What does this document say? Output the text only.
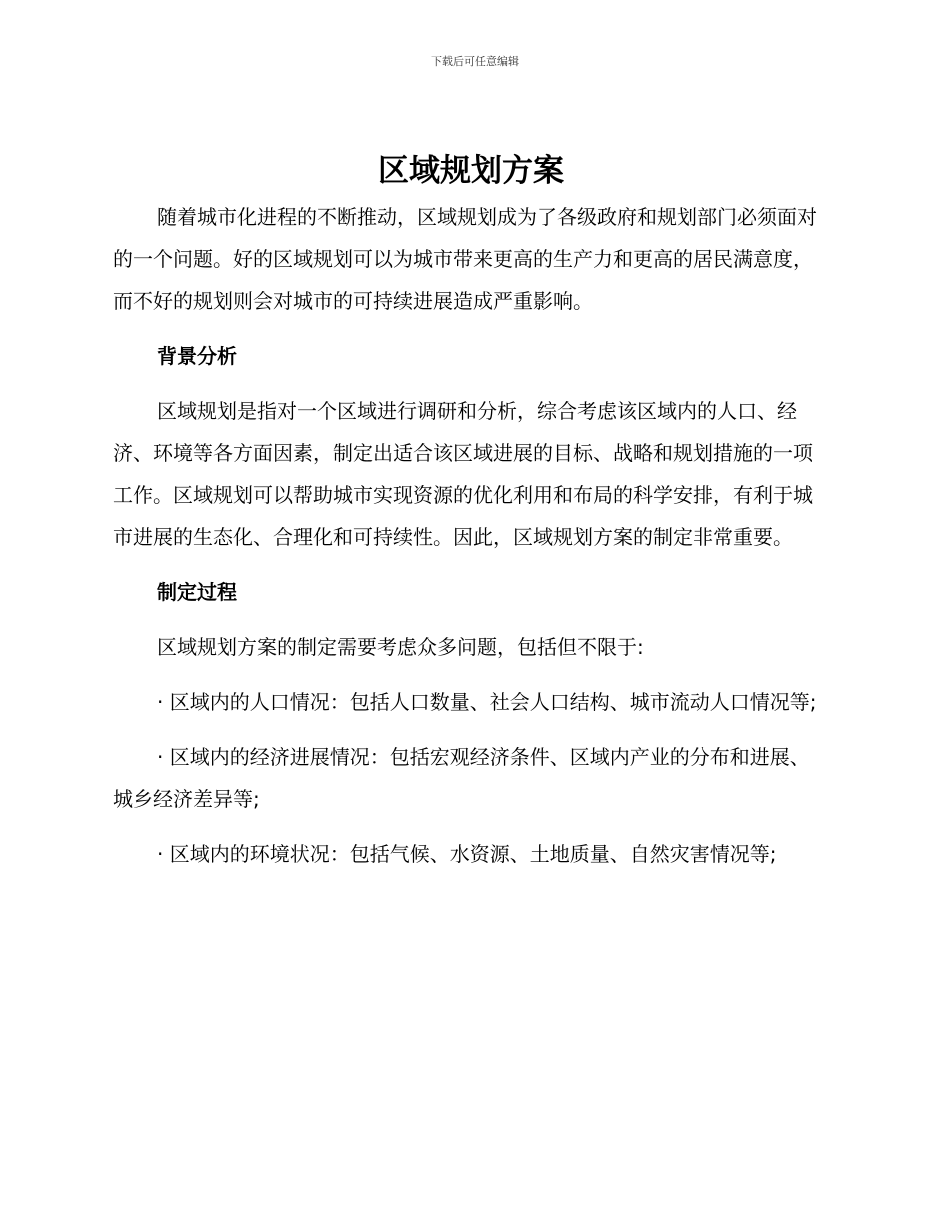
下载后可任意编辑
区域规划方案

随着城市化进程的不断推动，区域规划成为了各级政府和规划部门必须面对的一个问题。好的区域规划可以为城市带来更高的生产力和更高的居民满意度，而不好的规划则会对城市的可持续进展造成严重影响。

背景分析

区域规划是指对一个区域进行调研和分析，综合考虑该区域内的人口、经济、环境等各方面因素，制定出适合该区域进展的目标、战略和规划措施的一项工作。区域规划可以帮助城市实现资源的优化利用和布局的科学安排，有利于城市进展的生态化、合理化和可持续性。因此，区域规划方案的制定非常重要。

制定过程

区域规划方案的制定需要考虑众多问题，包括但不限于:

· 区域内的人口情况：包括人口数量、社会人口结构、城市流动人口情况等;

· 区域内的经济进展情况：包括宏观经济条件、区域内产业的分布和进展、城乡经济差异等;

· 区域内的环境状况：包括气候、水资源、土地质量、自然灾害情况等;
